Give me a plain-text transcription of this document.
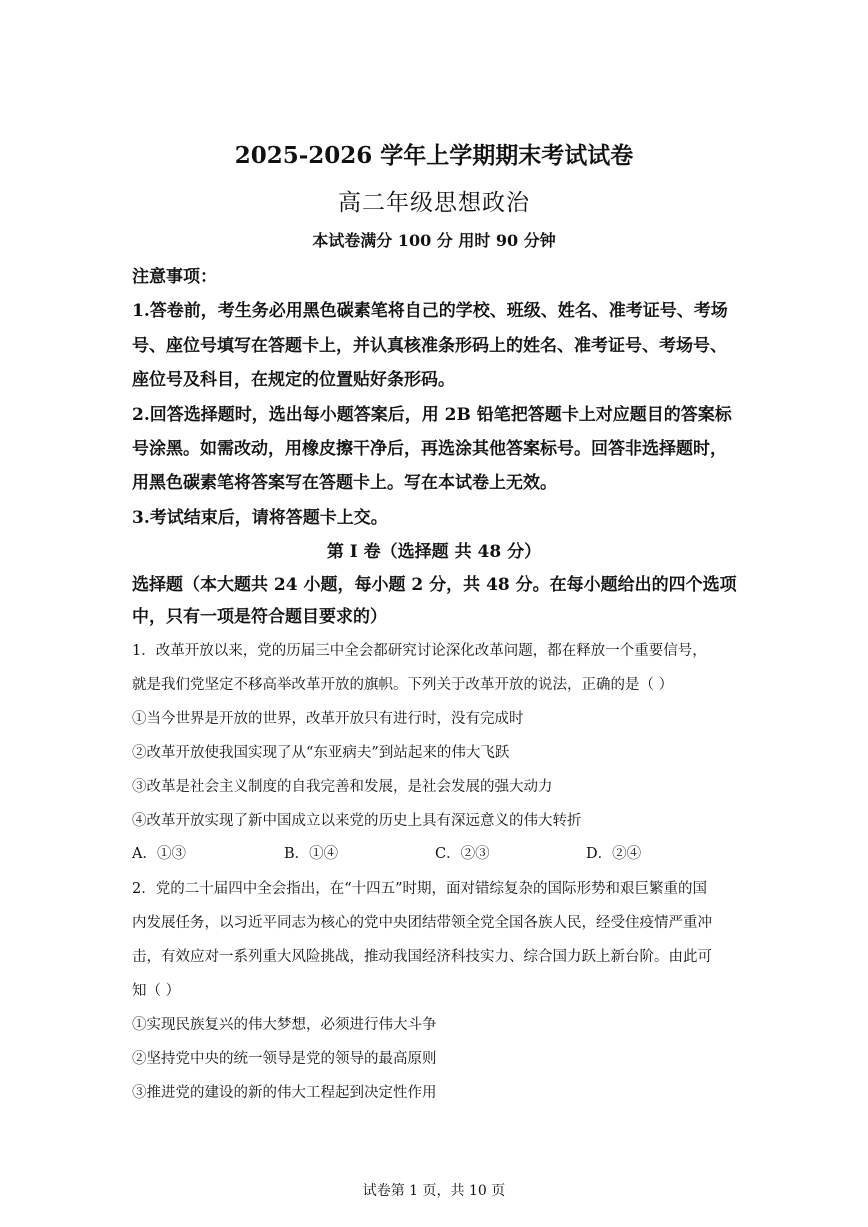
2025-2026 学年上学期期末考试试卷
高二年级思想政治
本试卷满分 100 分 用时 90 分钟
注意事项：
1.答卷前，考生务必用黑色碳素笔将自己的学校、班级、姓名、准考证号、考场
号、座位号填写在答题卡上，并认真核准条形码上的姓名、准考证号、考场号、
座位号及科目，在规定的位置贴好条形码。
2.回答选择题时，选出每小题答案后，用 2B 铅笔把答题卡上对应题目的答案标
号涂黑。如需改动，用橡皮擦干净后，再选涂其他答案标号。回答非选择题时，
用黑色碳素笔将答案写在答题卡上。写在本试卷上无效。
3.考试结束后，请将答题卡上交。
第 I 卷（选择题 共 48 分）
选择题（本大题共 24 小题，每小题 2 分，共 48 分。在每小题给出的四个选项
中，只有一项是符合题目要求的）
1．改革开放以来，党的历届三中全会都研究讨论深化改革问题，都在释放一个重要信号，
就是我们党坚定不移高举改革开放的旗帜。下列关于改革开放的说法，正确的是（ ）
①当今世界是开放的世界，改革开放只有进行时，没有完成时
②改革开放使我国实现了从“东亚病夫”到站起来的伟大飞跃
③改革是社会主义制度的自我完善和发展，是社会发展的强大动力
④改革开放实现了新中国成立以来党的历史上具有深远意义的伟大转折
A．①③	B．①④	C．②③	D．②④
2．党的二十届四中全会指出，在“十四五”时期，面对错综复杂的国际形势和艰巨繁重的国
内发展任务，以习近平同志为核心的党中央团结带领全党全国各族人民，经受住疫情严重冲
击，有效应对一系列重大风险挑战，推动我国经济科技实力、综合国力跃上新台阶。由此可
知（ ）
①实现民族复兴的伟大梦想，必须进行伟大斗争
②坚持党中央的统一领导是党的领导的最高原则
③推进党的建设的新的伟大工程起到决定性作用
试卷第 1 页，共 10 页
